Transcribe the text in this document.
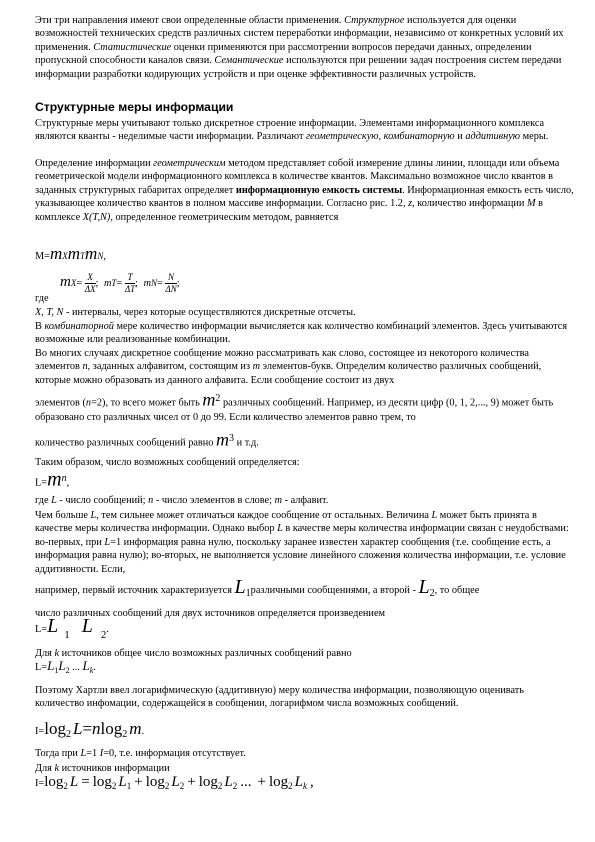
Эти три направления имеют свои определенные области применения. Структурное используется для оценки возможностей технических средств различных систем переработки информации, независимо от конкретных условий их применения. Статистические оценки применяются при рассмотрении вопросов передачи данных, определении пропускной способности каналов связи. Семантические используются при решении задач построения систем передачи информации разработки кодирующих устройств и при оценке эффективности различных устройств.

Структурные меры информации

Структурные меры учитывают только дискретное строение информации. Элементами информационного комплекса являются кванты - неделимые части информации. Различают геометрическую, комбинаторную и аддитивную меры.

Определение информации геометрическим методом представляет собой измерение длины линии, площади или объема геометрической модели информационного комплекса в количестве квантов. Максимально возможное число квантов в заданных структурных габаритах определяет информационную емкость системы. Информационная емкость есть число, указывающее количество квантов в полном массиве информации. Согласно рис. 1.2, z, количество информации M в комплексе X(T,N), определенное геометрическим методом, равняется

M=mXmTmN,
где
$mX= \frac{X}{\Delta X}$ ; $mT= \frac{T}{\Delta T}$ ; $mN= \frac{N}{\Delta N}$ ;

X, T, N - интервалы, через которые осуществляются дискретные отсчеты.

В комбинаторной мере количество информации вычисляется как количество комбинаций элементов. Здесь учитываются возможные или реализованные комбинации.

Во многих случаях дискретное сообщение можно рассматривать как слово, состоящее из некоторого количества элементов n, заданных алфавитом, состоящим из m элементов-букв. Определим количество различных сообщений, которые можно образовать из данного алфавита. Если сообщение состоит из двух

элементов (n=2), то всего может быть $m^2$ различных сообщений. Например, из десяти цифр (0, 1, 2,..., 9) может быть образовано сто различных чисел от 0 до 99. Если количество элементов равно трем, то

количество различных сообщений равно $m^3$ и т.д.

Таким образом, число возможных сообщений определяется:

$L=m^n$,

где L - число сообщений; n - число элементов в слове; m - алфавит.

Чем больше L, тем сильнее может отличаться каждое сообщение от остальных. Величина L может быть принята в качестве меры количества информации. Однако выбор L в качестве меры количества информации связан с неудобствами: во-первых, при L=1 информация равна нулю, поскольку заранее известен характер сообщения (т.е. сообщение есть, а информация равна нулю); во-вторых, не выполняется условие линейного сложения количества информации, т.е. условие аддитивности. Если,

например, первый источник характеризуется $L_1различными$ сообщениями, а второй - $L_2$, то общее

число различных сообщений для двух источников определяется произведением

L=L 1 L 2.

Для k источников общее число возможных различных сообщений равно

$L=L_1L_2$ ... $L_k$.

Поэтому Хартли ввел логарифмическую (аддитивную) меру количества информации, позволяющую оценивать количество инфомации, содержащейся в сообщении, логарифмом числа возможных сообщений.

$I=\log_2$ L=nlog$_2$ m.

Тогда при L=1 I=0, т.е. информация отсутствует.

Для k источников информации

$I=\log_2$ $L = \log_2 L_1 + \log_2 L_2 + \log_2 L_2$ ... + $\log_2 L_k$ ,
